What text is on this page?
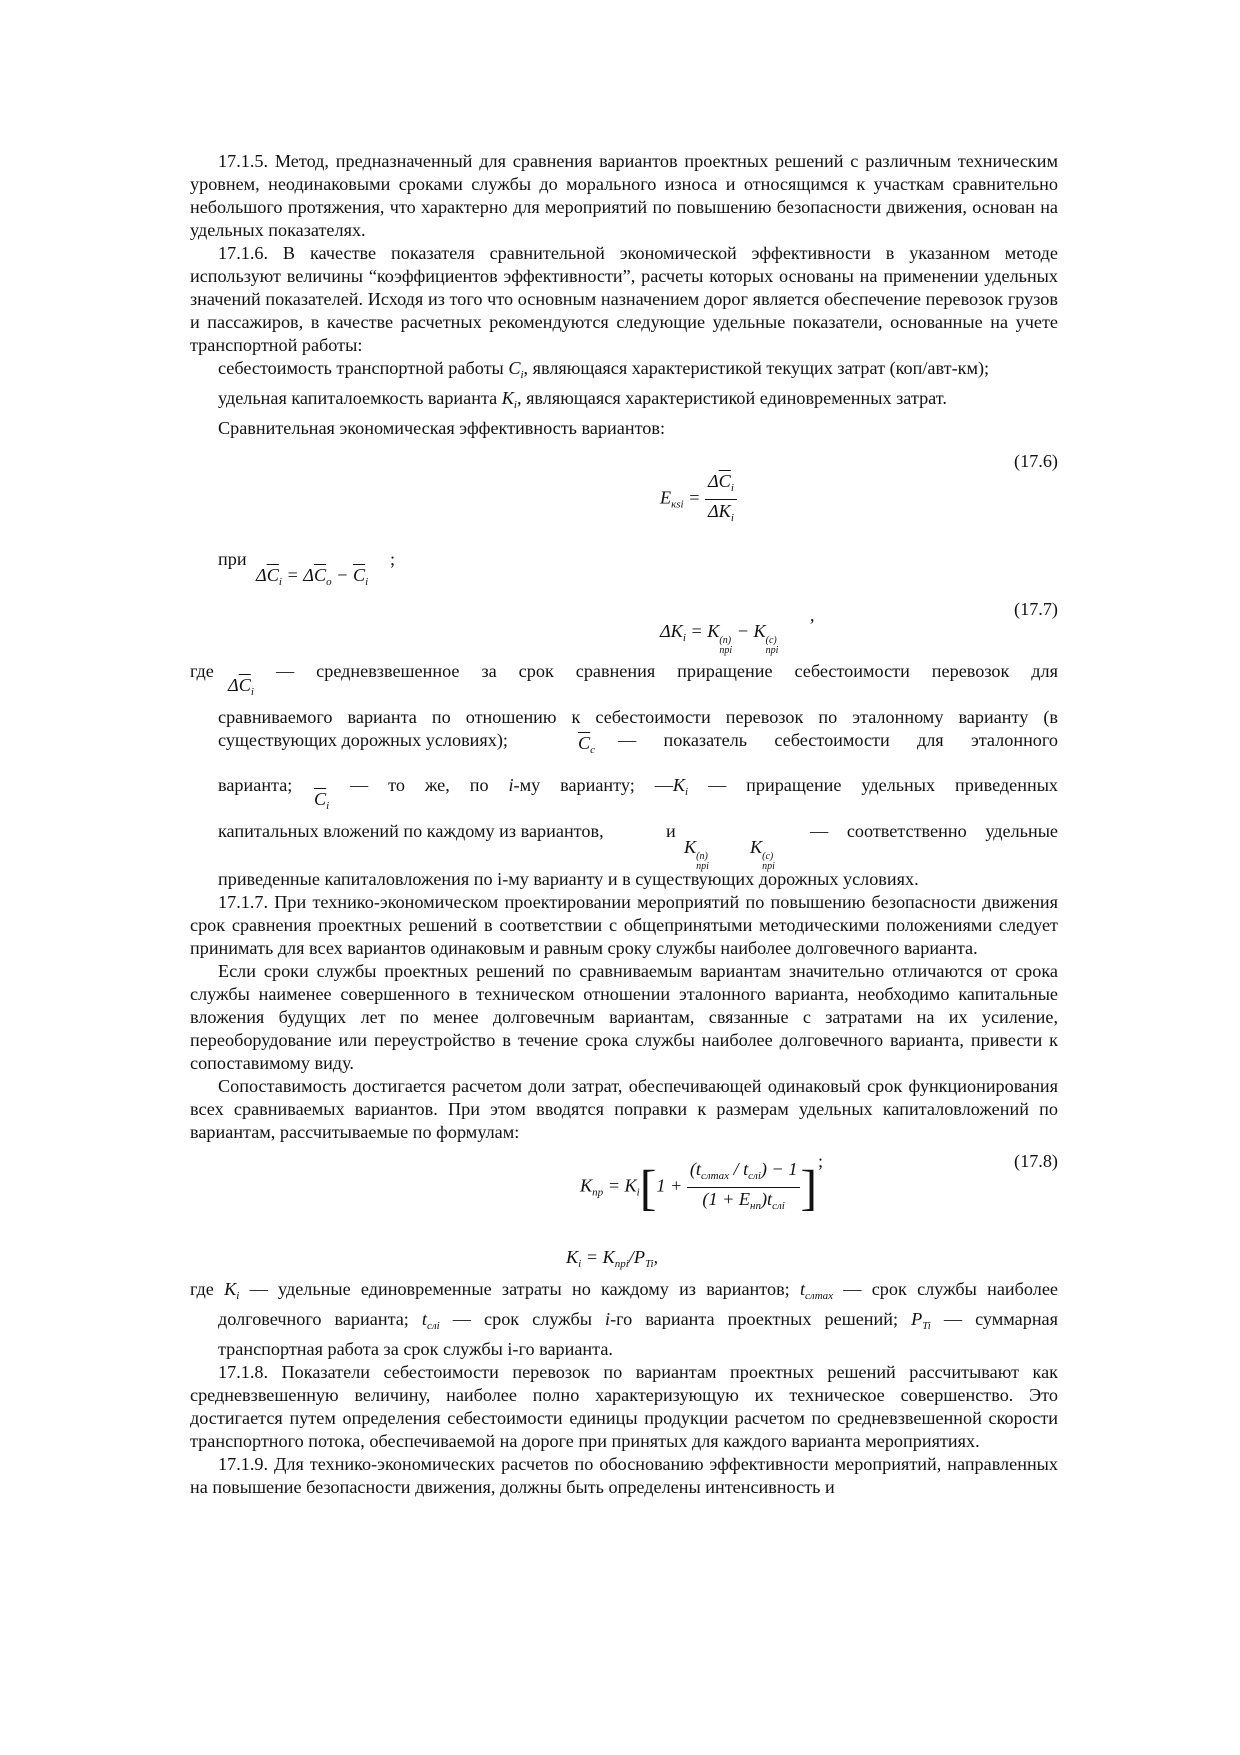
17.1.5. Метод, предназначенный для сравнения вариантов проектных решений с различным техническим уровнем, неодинаковыми сроками службы до морального износа и относящимся к участкам сравнительно небольшого протяжения, что характерно для мероприятий по повышению безопасности движения, основан на удельных показателях.

17.1.6. В качестве показателя сравнительной экономической эффективности в указанном методе используют величины “коэффициентов эффективности”, расчеты которых основаны на применении удельных значений показателей. Исходя из того что основным назначением дорог является обеспечение перевозок грузов и пассажиров, в качестве расчетных рекомендуются следующие удельные показатели, основанные на учете транспортной работы:

себестоимость транспортной работы $C_i$, являющаяся характеристикой текущих затрат (коп/авт-км);

удельная капиталоемкость варианта $K_i$, являющаяся характеристикой единовременных затрат.

Сравнительная экономическая эффективность вариантов:

(17.6)
$E_{кsi} = \frac{\Delta\overline{C}_i}{\Delta K_i}$
при
$\Delta\overline{C}_i = \Delta\overline{C}_o - \overline{C}_i$
;
(17.7)
$\Delta K_i = K$ (n)
прi
− K (c)
прi
,
где
$\Delta\overline{C}_i$
— средневзвешенное за срок сравнения приращение себестоимости перевозок для
сравниваемого варианта по отношению к себестоимости перевозок по эталонному варианту (в существующих дорожных условиях);	$\overline{C}_c$ — показатель себестоимости для эталонного
варианта;
$\overline{C}_i$
— то же, по i-му варианту; $—K_i$ — приращение удельных приведенных
капитальных вложений по каждому из вариантов,	и
K (n)
прi
K (c)
прi
— соответственно удельные

приведенные капиталовложения по i-му варианту и в существующих дорожных условиях.

17.1.7. При технико-экономическом проектировании мероприятий по повышению безопасности движения срок сравнения проектных решений в соответствии с общепринятыми методическими положениями следует принимать для всех вариантов одинаковым и равным сроку службы наиболее долговечного варианта.

Если сроки службы проектных решений по сравниваемым вариантам значительно отличаются от срока службы наименее совершенного в техническом отношении эталонного варианта, необходимо капитальные вложения будущих лет по менее долговечным вариантам, связанные с затратами на их усиление, переоборудование или переустройство в течение срока службы наиболее долговечного варианта, привести к сопоставимому виду.

Сопоставимость достигается расчетом доли затрат, обеспечивающей одинаковый срок функционирования всех сравниваемых вариантов. При этом вводятся поправки к размерам удельных капиталовложений по вариантам, рассчитываемые по формулам:

(17.8)
$K_{пр} = K_i[1 + \frac{(t_{слmax} / t_{слi}) - 1}{(1 + E_{нп})t_{слi}}$ ] ;
$K_i = K_{прi}/P_{Ti}$,

где $K_i$ — удельные единовременные затраты но каждому из вариантов; $t_{слmax}$ — срок службы наиболее долговечного варианта; $t_{слi}$ — срок службы i-го варианта проектных решений; $P_{Ti}$ — суммарная транспортная работа за срок службы i-го варианта.

17.1.8. Показатели себестоимости перевозок по вариантам проектных решений рассчитывают как средневзвешенную величину, наиболее полно характеризующую их техническое совершенство. Это достигается путем определения себестоимости единицы продукции расчетом по средневзвешенной скорости транспортного потока, обеспечиваемой на дороге при принятых для каждого варианта мероприятиях.

17.1.9. Для технико-экономических расчетов по обоснованию эффективности мероприятий, направленных на повышение безопасности движения, должны быть определены интенсивность и
